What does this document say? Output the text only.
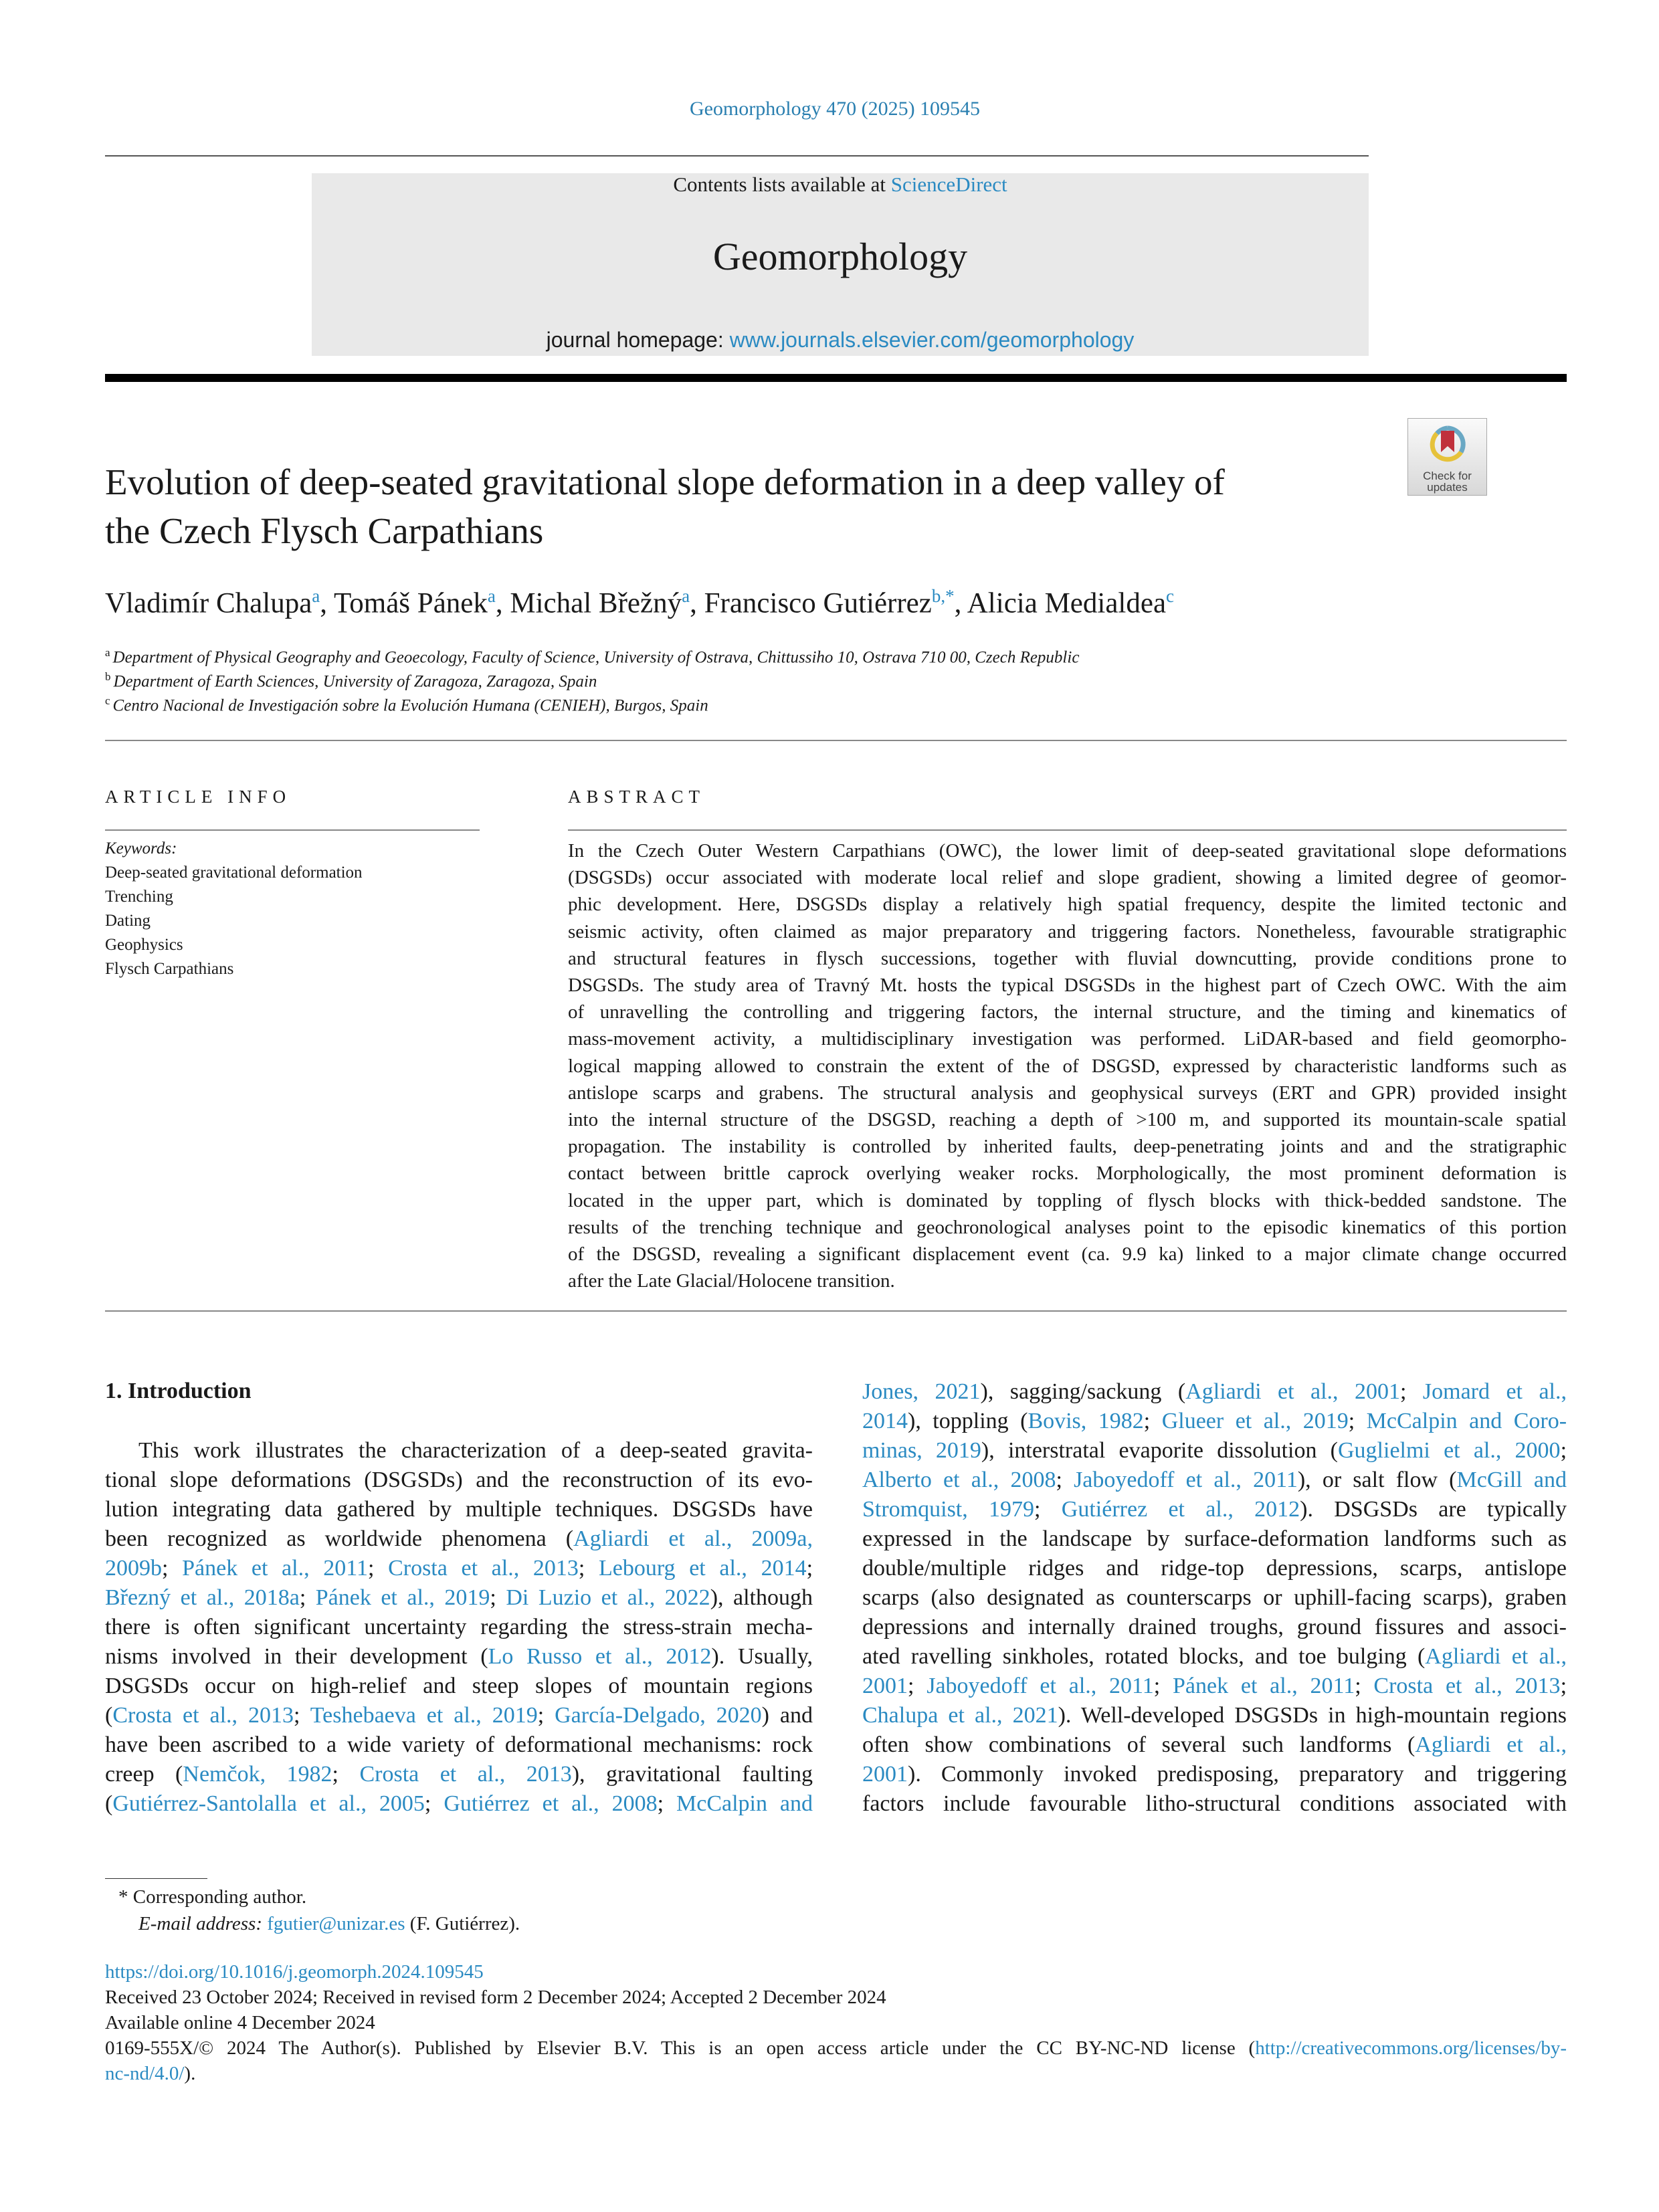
Geomorphology 470 (2025) 109545
Contents lists available at ScienceDirect
Geomorphology
journal homepage: www.journals.elsevier.com/geomorphology
Check for updates
Evolution of deep-seated gravitational slope deformation in a deep valley of
the Czech Flysch Carpathians
Vladimír Chalupa$^a$, Tomáš Pánek$^a$, Michal Břežný$^a$, Francisco Gutiérrez$^{b,*}$, Alicia Medialdea$^c$
$^a$ Department of Physical Geography and Geoecology, Faculty of Science, University of Ostrava, Chittussiho 10, Ostrava 710 00, Czech Republic
$^b$ Department of Earth Sciences, University of Zaragoza, Zaragoza, Spain
$^c$ Centro Nacional de Investigación sobre la Evolución Humana (CENIEH), Burgos, Spain
ARTICLE INFO	ABSTRACT
Keywords:
Deep-seated gravitational deformation
Trenching
Dating
Geophysics
Flysch Carpathians
In the Czech Outer Western Carpathians (OWC), the lower limit of deep-seated gravitational slope deformations
(DSGSDs) occur associated with moderate local relief and slope gradient, showing a limited degree of geomor-
phic development. Here, DSGSDs display a relatively high spatial frequency, despite the limited tectonic and
seismic activity, often claimed as major preparatory and triggering factors. Nonetheless, favourable stratigraphic
and structural features in flysch successions, together with fluvial downcutting, provide conditions prone to
DSGSDs. The study area of Travný Mt. hosts the typical DSGSDs in the highest part of Czech OWC. With the aim
of unravelling the controlling and triggering factors, the internal structure, and the timing and kinematics of
mass-movement activity, a multidisciplinary investigation was performed. LiDAR-based and field geomorpho-
logical mapping allowed to constrain the extent of the of DSGSD, expressed by characteristic landforms such as
antislope scarps and grabens. The structural analysis and geophysical surveys (ERT and GPR) provided insight
into the internal structure of the DSGSD, reaching a depth of >100 m, and supported its mountain-scale spatial
propagation. The instability is controlled by inherited faults, deep-penetrating joints and and the stratigraphic
contact between brittle caprock overlying weaker rocks. Morphologically, the most prominent deformation is
located in the upper part, which is dominated by toppling of flysch blocks with thick-bedded sandstone. The
results of the trenching technique and geochronological analyses point to the episodic kinematics of this portion
of the DSGSD, revealing a significant displacement event (ca. 9.9 ka) linked to a major climate change occurred
after the Late Glacial/Holocene transition.
1. Introduction
This work illustrates the characterization of a deep-seated gravita-
tional slope deformations (DSGSDs) and the reconstruction of its evo-
lution integrating data gathered by multiple techniques. DSGSDs have
been recognized as worldwide phenomena (Agliardi et al., 2009a,
2009b; Pánek et al., 2011; Crosta et al., 2013; Lebourg et al., 2014;
Březný et al., 2018a; Pánek et al., 2019; Di Luzio et al., 2022), although
there is often significant uncertainty regarding the stress-strain mecha-
nisms involved in their development (Lo Russo et al., 2012). Usually,
DSGSDs occur on high-relief and steep slopes of mountain regions
(Crosta et al., 2013; Teshebaeva et al., 2019; García-Delgado, 2020) and
have been ascribed to a wide variety of deformational mechanisms: rock
creep (Nemčok, 1982; Crosta et al., 2013), gravitational faulting
(Gutiérrez-Santolalla et al., 2005; Gutiérrez et al., 2008; McCalpin and
Jones, 2021), sagging/sackung (Agliardi et al., 2001; Jomard et al.,
2014), toppling (Bovis, 1982; Glueer et al., 2019; McCalpin and Coro-
minas, 2019), interstratal evaporite dissolution (Guglielmi et al., 2000;
Alberto et al., 2008; Jaboyedoff et al., 2011), or salt flow (McGill and
Stromquist, 1979; Gutiérrez et al., 2012). DSGSDs are typically
expressed in the landscape by surface-deformation landforms such as
double/multiple ridges and ridge-top depressions, scarps, antislope
scarps (also designated as counterscarps or uphill-facing scarps), graben
depressions and internally drained troughs, ground fissures and associ-
ated ravelling sinkholes, rotated blocks, and toe bulging (Agliardi et al.,
2001; Jaboyedoff et al., 2011; Pánek et al., 2011; Crosta et al., 2013;
Chalupa et al., 2021). Well-developed DSGSDs in high-mountain regions
often show combinations of several such landforms (Agliardi et al.,
2001). Commonly invoked predisposing, preparatory and triggering
factors include favourable litho-structural conditions associated with
* Corresponding author.
E-mail address: fgutier@unizar.es (F. Gutiérrez).
https://doi.org/10.1016/j.geomorph.2024.109545
Received 23 October 2024; Received in revised form 2 December 2024; Accepted 2 December 2024
Available online 4 December 2024
0169-555X/© 2024 The Author(s). Published by Elsevier B.V. This is an open access article under the CC BY-NC-ND license (http://creativecommons.org/licenses/by-
nc-nd/4.0/).
